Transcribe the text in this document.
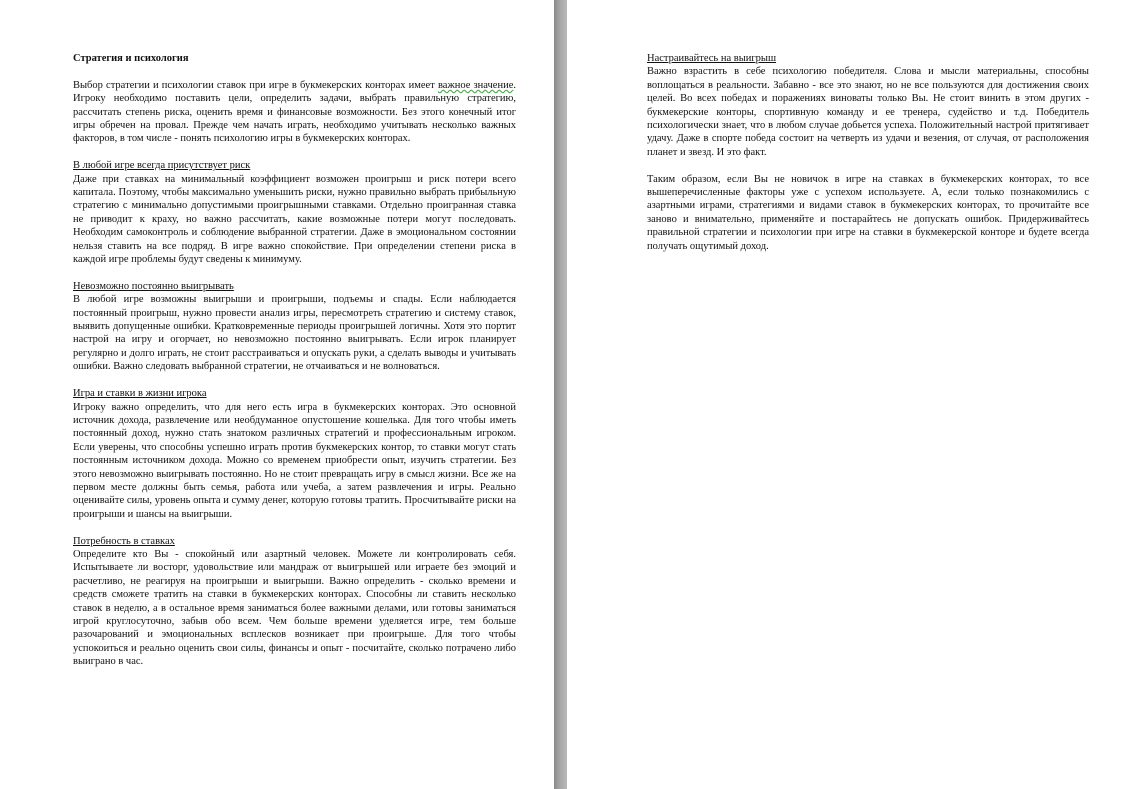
Стратегия и психология

Выбор стратегии и психологии ставок при игре в букмекерских конторах имеет важное значение. Игроку необходимо поставить цели, определить задачи, выбрать правильную стратегию, рассчитать степень риска, оценить время и финансовые возможности. Без этого конечный итог игры обречен на провал. Прежде чем начать играть, необходимо учитывать несколько важных факторов, в том числе - понять психологию игры в букмекерских конторах.

В любой игре всегда присутствует риск

Даже при ставках на минимальный коэффициент возможен проигрыш и риск потери всего капитала. Поэтому, чтобы максимально уменьшить риски, нужно правильно выбрать прибыльную стратегию с минимально допустимыми проигрышными ставками. Отдельно проигранная ставка не приводит к краху, но важно рассчитать, какие возможные потери могут последовать. Необходим самоконтроль и соблюдение выбранной стратегии. Даже в эмоциональном состоянии нельзя ставить на все подряд. В игре важно спокойствие. При определении степени риска в каждой игре проблемы будут сведены к минимуму.

Невозможно постоянно выигрывать

В любой игре возможны выигрыши и проигрыши, подъемы и спады. Если наблюдается постоянный проигрыш, нужно провести анализ игры, пересмотреть стратегию и систему ставок, выявить допущенные ошибки. Кратковременные периоды проигрышей логичны. Хотя это портит настрой на игру и огорчает, но невозможно постоянно выигрывать. Если игрок планирует регулярно и долго играть, не стоит расстраиваться и опускать руки, а сделать выводы и учитывать ошибки. Важно следовать выбранной стратегии, не отчаиваться и не волноваться.

Игра и ставки в жизни игрока

Игроку важно определить, что для него есть игра в букмекерских конторах. Это основной источник дохода, развлечение или необдуманное опустошение кошелька. Для того чтобы иметь постоянный доход, нужно стать знатоком различных стратегий и профессиональным игроком. Если уверены, что способны успешно играть против букмекерских контор, то ставки могут стать постоянным источником дохода. Можно со временем приобрести опыт, изучить стратегии. Без этого невозможно выигрывать постоянно. Но не стоит превращать игру в смысл жизни. Все же на первом месте должны быть семья, работа или учеба, а затем развлечения и игры. Реально оценивайте силы, уровень опыта и сумму денег, которую готовы тратить. Просчитывайте риски на проигрыши и шансы на выигрыши.

Потребность в ставках

Определите кто Вы - спокойный или азартный человек. Можете ли контролировать себя. Испытываете ли восторг, удовольствие или мандраж от выигрышей или играете без эмоций и расчетливо, не реагируя на проигрыши и выигрыши. Важно определить - сколько времени и средств сможете тратить на ставки в букмекерских конторах. Способны ли ставить несколько ставок в неделю, а в остальное время заниматься более важными делами, или готовы заниматься игрой круглосуточно, забыв обо всем. Чем больше времени уделяется игре, тем больше разочарований и эмоциональных всплесков возникает при проигрыше. Для того чтобы успокоиться и реально оценить свои силы, финансы и опыт - посчитайте, сколько потрачено либо выиграно в час.

Настраивайтесь на выигрыш

Важно взрастить в себе психологию победителя. Слова и мысли материальны, способны воплощаться в реальности. Забавно - все это знают, но не все пользуются для достижения своих целей. Во всех победах и поражениях виноваты только Вы. Не стоит винить в этом других - букмекерские конторы, спортивную команду и ее тренера, судейство и т.д. Победитель психологически знает, что в любом случае добьется успеха. Положительный настрой притягивает удачу. Даже в спорте победа состоит на четверть из удачи и везения, от случая, от расположения планет и звезд. И это факт.

Таким образом, если Вы не новичок в игре на ставках в букмекерских конторах, то все вышеперечисленные факторы уже с успехом используете. А, если только познакомились с азартными играми, стратегиями и видами ставок в букмекерских конторах, то прочитайте все заново и внимательно, применяйте и постарайтесь не допускать ошибок. Придерживайтесь правильной стратегии и психологии при игре на ставки в букмекерской конторе и будете всегда получать ощутимый доход.
